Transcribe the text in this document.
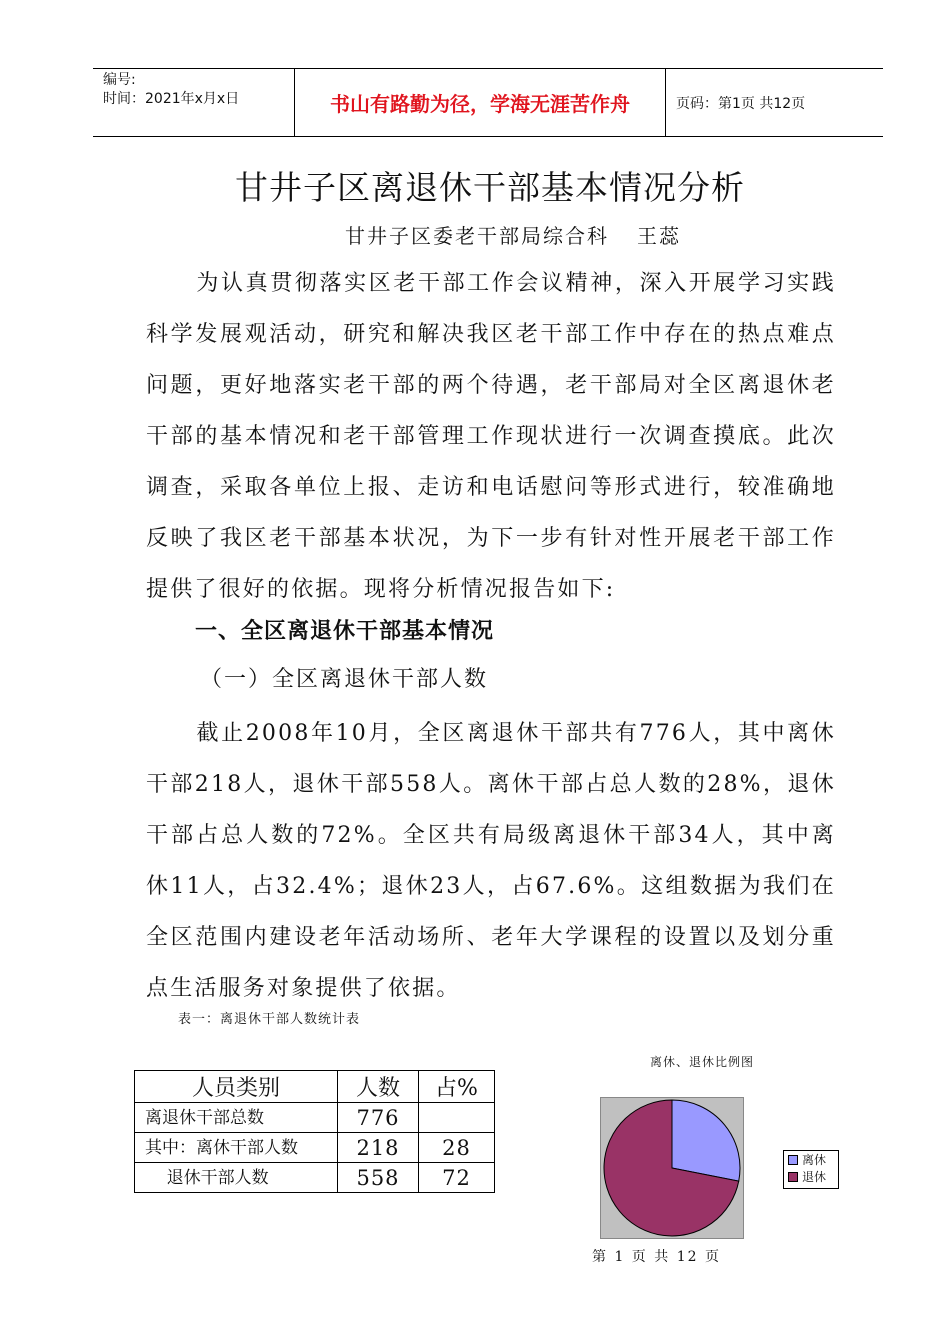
编号:
时间：2021年x月x日	书山有路勤为径，学海无涯苦作舟	页码：第1页 共12页
甘井子区离退休干部基本情况分析
甘井子区委老干部局综合科 王蕊
为认真贯彻落实区老干部工作会议精神，深入开展学习实践科学发展观活动，研究和解决我区老干部工作中存在的热点难点问题，更好地落实老干部的两个待遇，老干部局对全区离退休老干部的基本情况和老干部管理工作现状进行一次调查摸底。此次调查，采取各单位上报、走访和电话慰问等形式进行，较准确地反映了我区老干部基本状况，为下一步有针对性开展老干部工作提供了很好的依据。现将分析情况报告如下:
一、全区离退休干部基本情况
（一）全区离退休干部人数
截止2008年10月，全区离退休干部共有776人，其中离休干部218人，退休干部558人。离休干部占总人数的28%，退休干部占总人数的72%。全区共有局级离退休干部34人，其中离休11人，占32.4%；退休23人，占67.6%。这组数据为我们在全区范围内建设老年活动场所、老年大学课程的设置以及划分重点生活服务对象提供了依据。
表一：离退休干部人数统计表
人员类别	人数	占%
离退休干部总数	776	
其中：离休干部人数	218	28
退休干部人数	558	72
离休、退休比例图
离休
退休
第 1 页 共 12 页
